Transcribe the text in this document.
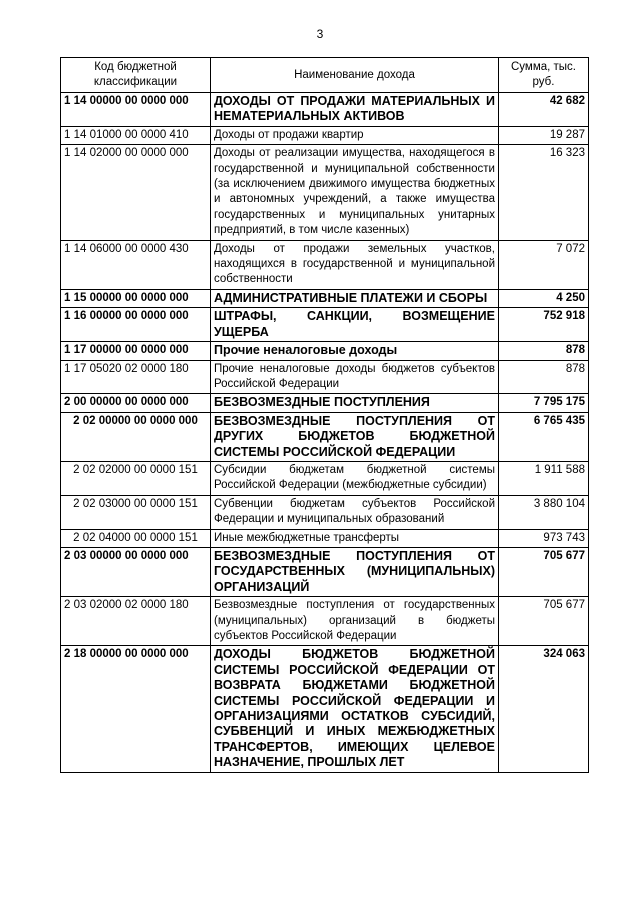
3
Код бюджетной классификации	Наименование дохода	Сумма, тыс. руб.
1 14 00000 00 0000 000	ДОХОДЫ ОТ ПРОДАЖИ МАТЕРИАЛЬНЫХ И НЕМАТЕРИАЛЬНЫХ АКТИВОВ	42 682
1 14 01000 00 0000 410	Доходы от продажи квартир	19 287
1 14 02000 00 0000 000	Доходы от реализации имущества, находящегося в государственной и муниципальной собственности (за исключением движимого имущества бюджетных и автономных учреждений, а также имущества государственных и муниципальных унитарных предприятий, в том числе казенных)	16 323
1 14 06000 00 0000 430	Доходы от продажи земельных участков, находящихся в государственной и муниципальной собственности	7 072
1 15 00000 00 0000 000	АДМИНИСТРАТИВНЫЕ ПЛАТЕЖИ И СБОРЫ	4 250
1 16 00000 00 0000 000	ШТРАФЫ, САНКЦИИ, ВОЗМЕЩЕНИЕ УЩЕРБА	752 918
1 17 00000 00 0000 000	Прочие неналоговые доходы	878
1 17 05020 02 0000 180	Прочие неналоговые доходы бюджетов субъектов Российской Федерации	878
2 00 00000 00 0000 000	БЕЗВОЗМЕЗДНЫЕ ПОСТУПЛЕНИЯ	7 795 175
2 02 00000 00 0000 000	БЕЗВОЗМЕЗДНЫЕ ПОСТУПЛЕНИЯ ОТ ДРУГИХ БЮДЖЕТОВ БЮДЖЕТНОЙ СИСТЕМЫ РОССИЙСКОЙ ФЕДЕРАЦИИ	6 765 435
2 02 02000 00 0000 151	Субсидии бюджетам бюджетной системы Российской Федерации (межбюджетные субсидии)	1 911 588
2 02 03000 00 0000 151	Субвенции бюджетам субъектов Российской Федерации и муниципальных образований	3 880 104
2 02 04000 00 0000 151	Иные межбюджетные трансферты	973 743
2 03 00000 00 0000 000	БЕЗВОЗМЕЗДНЫЕ ПОСТУПЛЕНИЯ ОТ ГОСУДАРСТВЕННЫХ (МУНИЦИПАЛЬНЫХ) ОРГАНИЗАЦИЙ	705 677
2 03 02000 02 0000 180	Безвозмездные поступления от государственных (муниципальных) организаций в бюджеты субъектов Российской Федерации	705 677
2 18 00000 00 0000 000	ДОХОДЫ БЮДЖЕТОВ БЮДЖЕТНОЙ СИСТЕМЫ РОССИЙСКОЙ ФЕДЕРАЦИИ ОТ ВОЗВРАТА БЮДЖЕТАМИ БЮДЖЕТНОЙ СИСТЕМЫ РОССИЙСКОЙ ФЕДЕРАЦИИ И ОРГАНИЗАЦИЯМИ ОСТАТКОВ СУБСИДИЙ, СУБВЕНЦИЙ И ИНЫХ МЕЖБЮДЖЕТНЫХ ТРАНСФЕРТОВ, ИМЕЮЩИХ ЦЕЛЕВОЕ НАЗНАЧЕНИЕ, ПРОШЛЫХ ЛЕТ	324 063
